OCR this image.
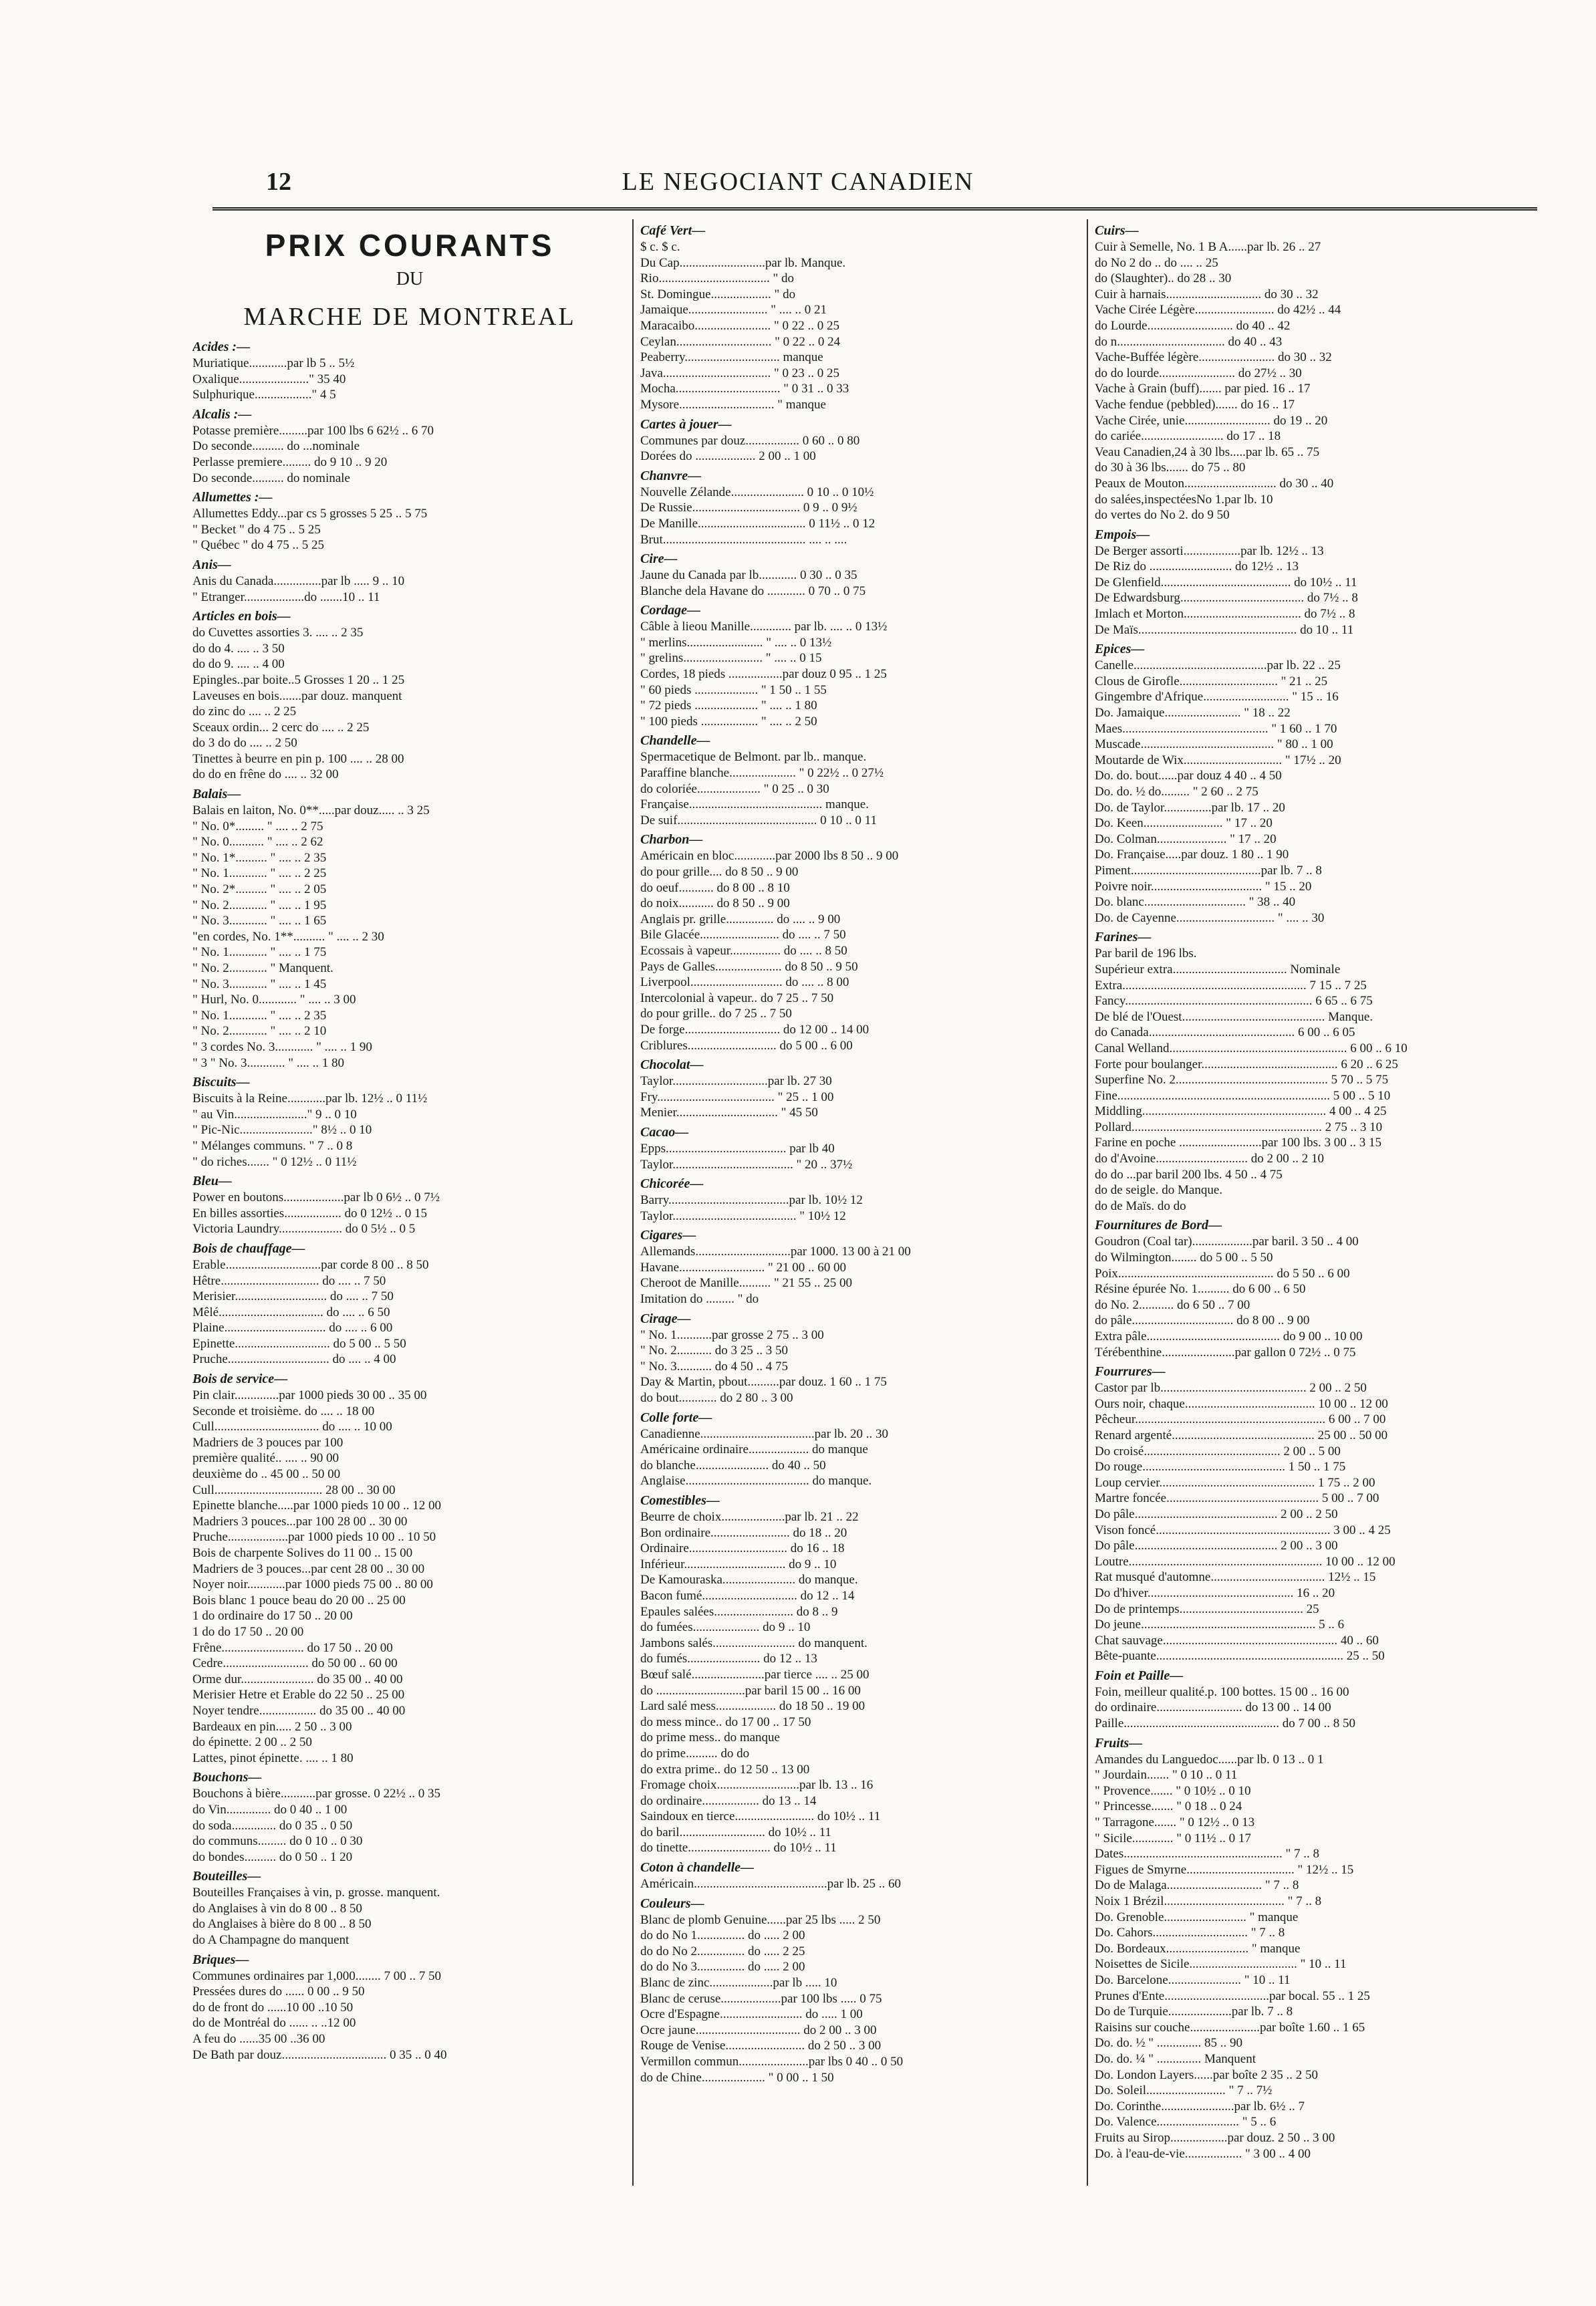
12	LE NEGOCIANT CANADIEN
PRIX COURANTS
DU
MARCHE DE MONTREAL
Acides :—
Muriatique............par lb 5 .. 5½
Oxalique......................" 35 40
Sulphurique.................." 4 5
Alcalis :—
Potasse première.........par 100 lbs 6 62½ .. 6 70
Do seconde.......... do ...nominale
Perlasse premiere......... do 9 10 .. 9 20
Do seconde.......... do nominale
Allumettes :—
Allumettes Eddy...par cs 5 grosses 5 25 .. 5 75
" Becket " do 4 75 .. 5 25
" Québec " do 4 75 .. 5 25
Anis—
Anis du Canada...............par lb ..... 9 .. 10
" Etranger...................do .......10 .. 11
Articles en bois—
do Cuvettes assorties 3. .... .. 2 35
do do 4. .... .. 3 50
do do 9. .... .. 4 00
Epingles..par boite..5 Grosses 1 20 .. 1 25
Laveuses en bois.......par douz. manquent
do zinc do .... .. 2 25
Sceaux ordin... 2 cerc do .... .. 2 25
do 3 do do .... .. 2 50
Tinettes à beurre en pin p. 100 .... .. 28 00
do do en frêne do .... .. 32 00
Balais—
Balais en laiton, No. 0**.....par douz..... .. 3 25
" No. 0*......... " .... .. 2 75
" No. 0........... " .... .. 2 62
" No. 1*.......... " .... .. 2 35
" No. 1............ " .... .. 2 25
" No. 2*.......... " .... .. 2 05
" No. 2............ " .... .. 1 95
" No. 3............ " .... .. 1 65
"en cordes, No. 1**.......... " .... .. 2 30
" No. 1............ " .... .. 1 75
" No. 2............ " Manquent.
" No. 3............ " .... .. 1 45
" Hurl, No. 0............ " .... .. 3 00
" No. 1............ " .... .. 2 35
" No. 2............ " .... .. 2 10
" 3 cordes No. 3............ " .... .. 1 90
" 3 " No. 3............ " .... .. 1 80
Biscuits—
Biscuits à la Reine............par lb. 12½ .. 0 11½
" au Vin......................." 9 .. 0 10
" Pic-Nic......................." 8½ .. 0 10
" Mélanges communs. " 7 .. 0 8
" do riches....... " 0 12½ .. 0 11½
Bleu—
Power en boutons...................par lb 0 6½ .. 0 7½
En billes assorties.................. do 0 12½ .. 0 15
Victoria Laundry.................... do 0 5½ .. 0 5
Bois de chauffage—
Erable..............................par corde 8 00 .. 8 50
Hêtre............................... do .... .. 7 50
Merisier............................. do .... .. 7 50
Mêlé................................. do .... .. 6 50
Plaine................................ do .... .. 6 00
Epinette.............................. do 5 00 .. 5 50
Pruche................................ do .... .. 4 00
Bois de service—
Pin clair..............par 1000 pieds 30 00 .. 35 00
Seconde et troisième. do .... .. 18 00
Cull................................. do .... .. 10 00
Madriers de 3 pouces par 100
première qualité.. .... .. 90 00
deuxième do .. 45 00 .. 50 00
Cull.................................. 28 00 .. 30 00
Epinette blanche.....par 1000 pieds 10 00 .. 12 00
Madriers 3 pouces...par 100 28 00 .. 30 00
Pruche...................par 1000 pieds 10 00 .. 10 50
Bois de charpente Solives do 11 00 .. 15 00
Madriers de 3 pouces...par cent 28 00 .. 30 00
Noyer noir............par 1000 pieds 75 00 .. 80 00
Bois blanc 1 pouce beau do 20 00 .. 25 00
1 do ordinaire do 17 50 .. 20 00
1 do do 17 50 .. 20 00
Frêne.......................... do 17 50 .. 20 00
Cedre........................... do 50 00 .. 60 00
Orme dur....................... do 35 00 .. 40 00
Merisier Hetre et Erable do 22 50 .. 25 00
Noyer tendre.................. do 35 00 .. 40 00
Bardeaux en pin..... 2 50 .. 3 00
do épinette. 2 00 .. 2 50
Lattes, pinot épinette. .... .. 1 80
Bouchons—
Bouchons à bière...........par grosse. 0 22½ .. 0 35
do Vin.............. do 0 40 .. 1 00
do soda.............. do 0 35 .. 0 50
do communs......... do 0 10 .. 0 30
do bondes.......... do 0 50 .. 1 20
Bouteilles—
Bouteilles Françaises à vin, p. grosse. manquent.
do Anglaises à vin do 8 00 .. 8 50
do Anglaises à bière do 8 00 .. 8 50
do A Champagne do manquent
Briques—
Communes ordinaires par 1,000........ 7 00 .. 7 50
Pressées dures do ...... 0 00 .. 9 50
do de front do ......10 00 ..10 50
do de Montréal do ...... .. ..12 00
A feu do ......35 00 ..36 00
De Bath par douz................................. 0 35 .. 0 40
Café Vert—
$ c. $ c.
Du Cap...........................par lb. Manque.
Rio................................... " do
St. Domingue................... " do
Jamaique......................... " .... .. 0 21
Maracaibo........................ " 0 22 .. 0 25
Ceylan.............................. " 0 22 .. 0 24
Peaberry.............................. manque
Java.................................. " 0 23 .. 0 25
Mocha................................. " 0 31 .. 0 33
Mysore.............................. " manque
Cartes à jouer—
Communes par douz................. 0 60 .. 0 80
Dorées do ................... 2 00 .. 1 00
Chanvre—
Nouvelle Zélande....................... 0 10 .. 0 10½
De Russie.................................. 0 9 .. 0 9½
De Manille.................................. 0 11½ .. 0 12
Brut............................................. .... .. ....
Cire—
Jaune du Canada par lb............ 0 30 .. 0 35
Blanche dela Havane do ............ 0 70 .. 0 75
Cordage—
Câble à lieou Manille............. par lb. .... .. 0 13½
" merlins........................ " .... .. 0 13½
" grelins......................... " .... .. 0 15
Cordes, 18 pieds .................par douz 0 95 .. 1 25
" 60 pieds .................... " 1 50 .. 1 55
" 72 pieds .................... " .... .. 1 80
" 100 pieds .................. " .... .. 2 50
Chandelle—
Spermacetique de Belmont. par lb.. manque.
Paraffine blanche..................... " 0 22½ .. 0 27½
do coloriée.................... " 0 25 .. 0 30
Française.......................................... manque.
De suif............................................ 0 10 .. 0 11
Charbon—
Américain en bloc.............par 2000 lbs 8 50 .. 9 00
do pour grille.... do 8 50 .. 9 00
do oeuf........... do 8 00 .. 8 10
do noix........... do 8 50 .. 9 00
Anglais pr. grille............... do .... .. 9 00
Bile Glacée......................... do .... .. 7 50
Ecossais à vapeur................ do .... .. 8 50
Pays de Galles..................... do 8 50 .. 9 50
Liverpool............................. do .... .. 8 00
Intercolonial à vapeur.. do 7 25 .. 7 50
do pour grille.. do 7 25 .. 7 50
De forge.............................. do 12 00 .. 14 00
Criblures............................ do 5 00 .. 6 00
Chocolat—
Taylor..............................par lb. 27 30
Fry..................................... " 25 .. 1 00
Menier................................ " 45 50
Cacao—
Epps...................................... par lb 40
Taylor...................................... " 20 .. 37½
Chicorée—
Barry......................................par lb. 10½ 12
Taylor....................................... " 10½ 12
Cigares—
Allemands..............................par 1000. 13 00 à 21 00
Havane........................... " 21 00 .. 60 00
Cheroot de Manille.......... " 21 55 .. 25 00
Imitation do ......... " do
Cirage—
" No. 1...........par grosse 2 75 .. 3 00
" No. 2........... do 3 25 .. 3 50
" No. 3........... do 4 50 .. 4 75
Day & Martin, pbout..........par douz. 1 60 .. 1 75
do bout............ do 2 80 .. 3 00
Colle forte—
Canadienne....................................par lb. 20 .. 30
Américaine ordinaire................... do manque
do blanche....................... do 40 .. 50
Anglaise....................................... do manque.
Comestibles—
Beurre de choix....................par lb. 21 .. 22
Bon ordinaire......................... do 18 .. 20
Ordinaire............................... do 16 .. 18
Inférieur................................ do 9 .. 10
De Kamouraska....................... do manque.
Bacon fumé.............................. do 12 .. 14
Epaules salées......................... do 8 .. 9
do fumées..................... do 9 .. 10
Jambons salés.......................... do manquent.
do fumés....................... do 12 .. 13
Bœuf salé.......................par tierce .... .. 25 00
do ............................par baril 15 00 .. 16 00
Lard salé mess................... do 18 50 .. 19 00
do mess mince.. do 17 00 .. 17 50
do prime mess.. do manque
do prime.......... do do
do extra prime.. do 12 50 .. 13 00
Fromage choix..........................par lb. 13 .. 16
do ordinaire.................. do 13 .. 14
Saindoux en tierce......................... do 10½ .. 11
do baril........................... do 10½ .. 11
do tinette.......................... do 10½ .. 11
Coton à chandelle—
Américain..........................................par lb. 25 .. 60
Couleurs—
Blanc de plomb Genuine......par 25 lbs ..... 2 50
do do No 1............... do ..... 2 00
do do No 2............... do ..... 2 25
do do No 3............... do ..... 2 00
Blanc de zinc....................par lb ..... 10
Blanc de ceruse...................par 100 lbs ..... 0 75
Ocre d'Espagne.......................... do ..... 1 00
Ocre jaune................................. do 2 00 .. 3 00
Rouge de Venise......................... do 2 50 .. 3 00
Vermillon commun......................par lbs 0 40 .. 0 50
do de Chine.................... " 0 00 .. 1 50
Cuirs—
Cuir à Semelle, No. 1 B A......par lb. 26 .. 27
do No 2 do .. do .... .. 25
do (Slaughter).. do 28 .. 30
Cuir à harnais.............................. do 30 .. 32
Vache Cirée Légère......................... do 42½ .. 44
do Lourde........................... do 40 .. 42
do n.................................. do 40 .. 43
Vache-Buffée légère........................ do 30 .. 32
do do lourde........................ do 27½ .. 30
Vache à Grain (buff)....... par pied. 16 .. 17
Vache fendue (pebbled)....... do 16 .. 17
Vache Cirée, unie........................... do 19 .. 20
do cariée.......................... do 17 .. 18
Veau Canadien,24 à 30 lbs.....par lb. 65 .. 75
do 30 à 36 lbs....... do 75 .. 80
Peaux de Mouton............................. do 30 .. 40
do salées,inspectéesNo 1.par lb. 10
do vertes do No 2. do 9 50
Empois—
De Berger assorti..................par lb. 12½ .. 13
De Riz do .......................... do 12½ .. 13
De Glenfield......................................... do 10½ .. 11
De Edwardsburg....................................... do 7½ .. 8
Imlach et Morton..................................... do 7½ .. 8
De Maïs.................................................. do 10 .. 11
Epices—
Canelle..........................................par lb. 22 .. 25
Clous de Girofle............................... " 21 .. 25
Gingembre d'Afrique........................... " 15 .. 16
Do. Jamaique........................ " 18 .. 22
Maes.............................................. " 1 60 .. 1 70
Muscade.......................................... " 80 .. 1 00
Moutarde de Wix............................... " 17½ .. 20
Do. do. bout......par douz 4 40 .. 4 50
Do. do. ½ do......... " 2 60 .. 2 75
Do. de Taylor...............par lb. 17 .. 20
Do. Keen......................... " 17 .. 20
Do. Colman...................... " 17 .. 20
Do. Française.....par douz. 1 80 .. 1 90
Piment.........................................par lb. 7 .. 8
Poivre noir................................... " 15 .. 20
Do. blanc................................ " 38 .. 40
Do. de Cayenne............................... " .... .. 30
Farines—
Par baril de 196 lbs.
Supérieur extra.................................... Nominale
Extra.......................................................... 7 15 .. 7 25
Fancy........................................................... 6 65 .. 6 75
De blé de l'Ouest............................................. Manque.
do Canada.............................................. 6 00 .. 6 05
Canal Welland........................................................ 6 00 .. 6 10
Forte pour boulanger........................................... 6 20 .. 6 25
Superfine No. 2................................................ 5 70 .. 5 75
Fine................................................................... 5 00 .. 5 10
Middling.......................................................... 4 00 .. 4 25
Pollard............................................................ 2 75 .. 3 10
Farine en poche ..........................par 100 lbs. 3 00 .. 3 15
do d'Avoine............................. do 2 00 .. 2 10
do do ...par baril 200 lbs. 4 50 .. 4 75
do de seigle. do Manque.
do de Maïs. do do
Fournitures de Bord—
Goudron (Coal tar)...................par baril. 3 50 .. 4 00
do Wilmington........ do 5 00 .. 5 50
Poix................................................. do 5 50 .. 6 00
Résine épurée No. 1.......... do 6 00 .. 6 50
do No. 2........... do 6 50 .. 7 00
do pâle................................ do 8 00 .. 9 00
Extra pâle.......................................... do 9 00 .. 10 00
Térébenthine.......................par gallon 0 72½ .. 0 75
Fourrures—
Castor par lb.............................................. 2 00 .. 2 50
Ours noir, chaque......................................... 10 00 .. 12 00
Pêcheur............................................................ 6 00 .. 7 00
Renard argenté............................................. 25 00 .. 50 00
Do croisé........................................... 2 00 .. 5 00
Do rouge............................................. 1 50 .. 1 75
Loup cervier................................................. 1 75 .. 2 00
Martre foncée................................................ 5 00 .. 7 00
Do pâle............................................. 2 00 .. 2 50
Vison foncé....................................................... 3 00 .. 4 25
Do pâle............................................. 2 00 .. 3 00
Loutre............................................................. 10 00 .. 12 00
Rat musqué d'automne.................................... 12½ .. 15
Do d'hiver.............................................. 16 .. 20
Do de printemps....................................... 25
Do jeune....................................................... 5 .. 6
Chat sauvage....................................................... 40 .. 60
Bête-puante........................................................... 25 .. 50
Foin et Paille—
Foin, meilleur qualité.p. 100 bottes. 15 00 .. 16 00
do ordinaire........................... do 13 00 .. 14 00
Paille................................................. do 7 00 .. 8 50
Fruits—
Amandes du Languedoc......par lb. 0 13 .. 0 1
" Jourdain....... " 0 10 .. 0 11
" Provence....... " 0 10½ .. 0 10
" Princesse....... " 0 18 .. 0 24
" Tarragone....... " 0 12½ .. 0 13
" Sicile............. " 0 11½ .. 0 17
Dates.................................................. " 7 .. 8
Figues de Smyrne.................................. " 12½ .. 15
Do de Malaga.............................. " 7 .. 8
Noix 1 Brézil...................................... " 7 .. 8
Do. Grenoble.......................... " manque
Do. Cahors.............................. " 7 .. 8
Do. Bordeaux.......................... " manque
Noisettes de Sicile.................................. " 10 .. 11
Do. Barcelone....................... " 10 .. 11
Prunes d'Ente.................................par bocal. 55 .. 1 25
Do de Turquie....................par lb. 7 .. 8
Raisins sur couche......................par boîte 1.60 .. 1 65
Do. do. ½ " .............. 85 .. 90
Do. do. ¼ " .............. Manquent
Do. London Layers......par boîte 2 35 .. 2 50
Do. Soleil......................... " 7 .. 7½
Do. Corinthe.......................par lb. 6½ .. 7
Do. Valence.......................... " 5 .. 6
Fruits au Sirop..................par douz. 2 50 .. 3 00
Do. à l'eau-de-vie.................. " 3 00 .. 4 00
